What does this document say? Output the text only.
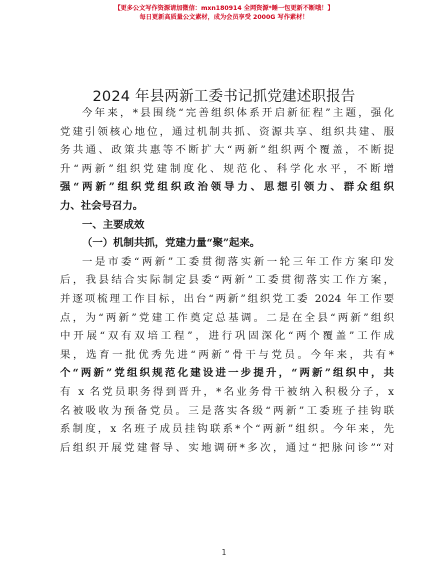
【更多公文写作资源请加微信：mxn180914 全网资源*睡一包更新不断哦！】
每日更新高质量公文素材，成为会员享受 2000G 写作素材！
2024 年县两新工委书记抓党建述职报告
今年来，*县围绕“完善组织体系开启新征程”主题，强化
党建引领核心地位，通过机制共抓、资源共享、组织共建、服
务共通、政策共惠等不断扩大“两新”组织两个覆盖，不断提
升“两新”组织党建制度化、规范化、科学化水平，不断增
强“两新”组织党组织政治领导力、思想引领力、群众组织
力、社会号召力。
一、主要成效
（一）机制共抓，党建力量“聚”起来。
一是市委“两新”工委贯彻落实新一轮三年工作方案印发
后，我县结合实际制定县委“两新”工委贯彻落实工作方案，
并逐项梳理工作目标，出台“两新”组织党工委 2024 年工作要
点，为“两新”党建工作奠定总基调。二是在全县“两新”组织
中开展“双有双培工程”，进行巩固深化“两个覆盖”工作成
果，选育一批优秀先进“两新”骨干与党员。今年来，共有*
个“两新”党组织规范化建设进一步提升，“两新”组织中，共
有 x 名党员职务得到晋升，*名业务骨干被纳入积极分子，x
名被吸收为预备党员。三是落实各级“两新”工委班子挂钩联
系制度，x 名班子成员挂钩联系*个“两新”组织。今年来，先
后组织开展党建督导、实地调研*多次，通过“把脉问诊”“对
1
